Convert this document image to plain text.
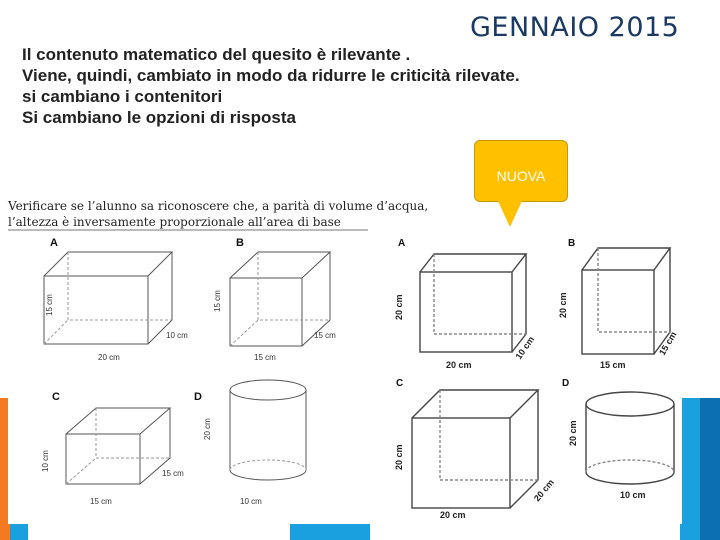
GENNAIO 2015
Il contenuto matematico del quesito è rilevante .
Viene, quindi, cambiato in modo da ridurre le criticità rilevate.
si cambiano i contenitori
Si cambiano le opzioni di risposta
NUOVA
Verificare se l’alunno sa riconoscere che, a parità di volume d’acqua,
l’altezza è inversamente proporzionale all’area di base
A	B
C	D
20 cm
10 cm
15 cm
15 cm
15 cm
15 cm
15 cm
15 cm
10 cm
10 cm
20 cm
A	B
C	D
20 cm
10 cm
20 cm
15 cm
15 cm
20 cm
20 cm
20 cm
20 cm
10 cm
20 cm
